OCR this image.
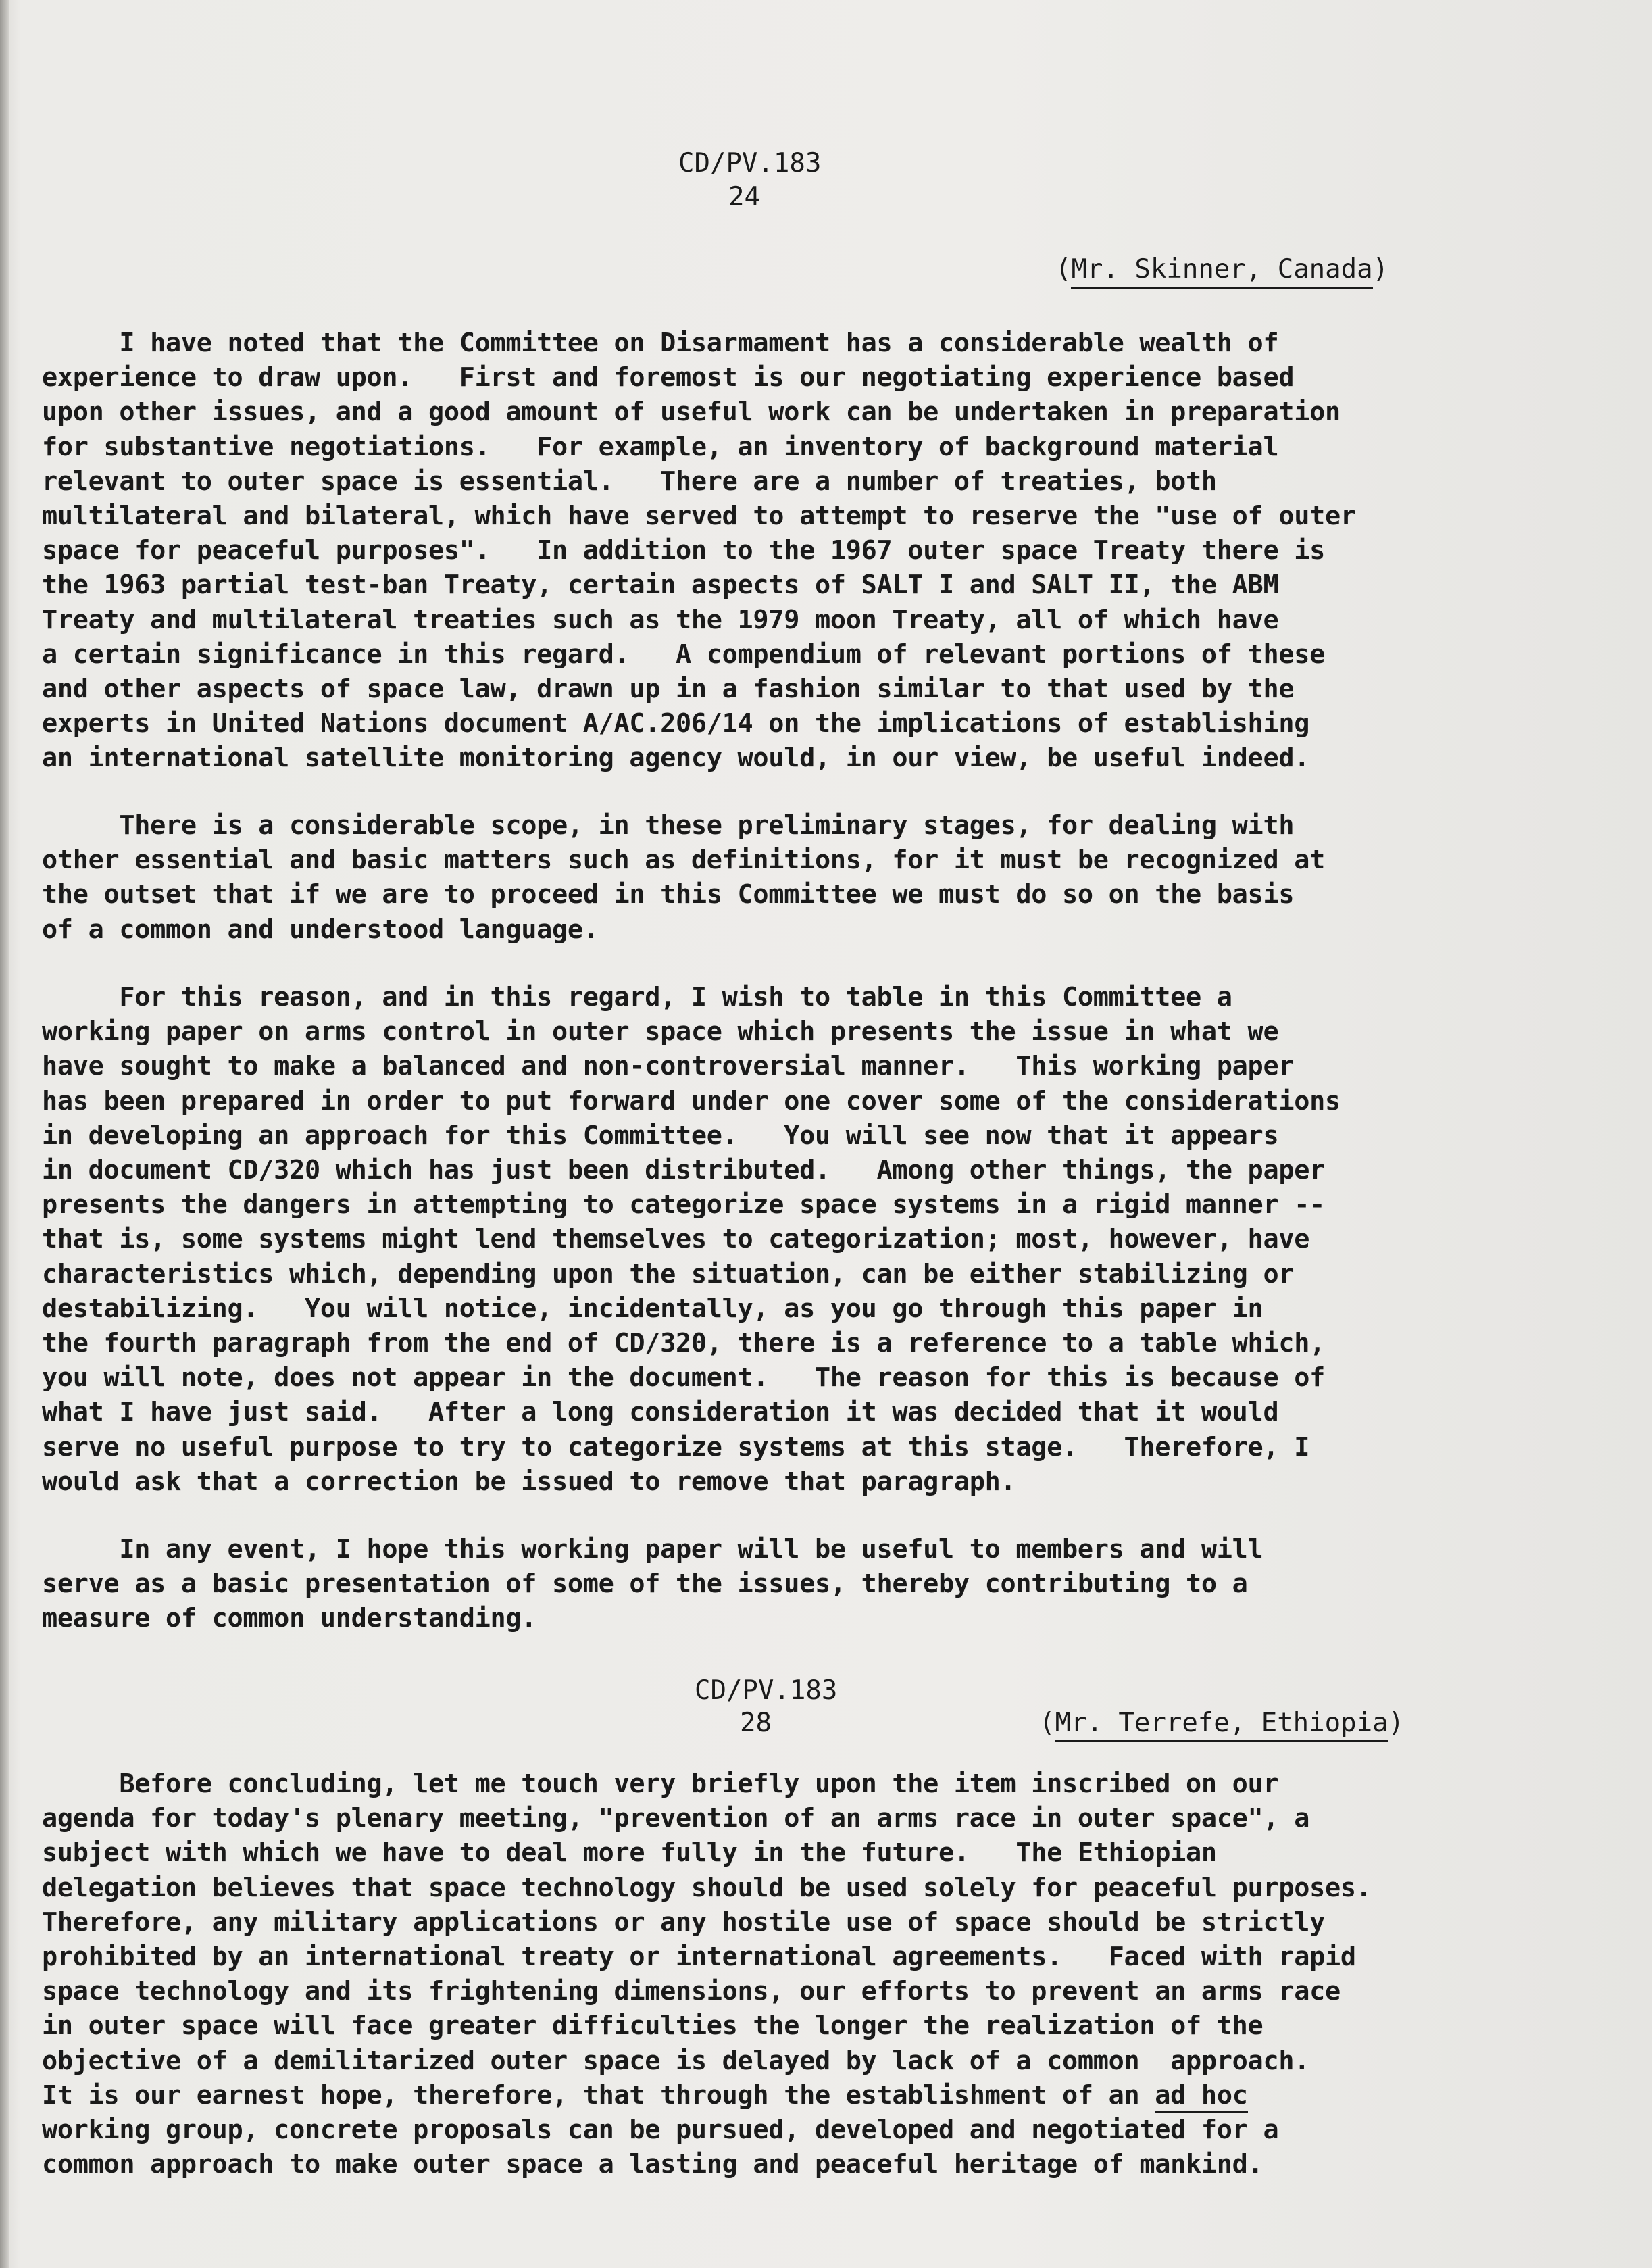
CD/PV.183
24
(Mr. Skinner, Canada)
I have noted that the Committee on Disarmament has a considerable wealth of
experience to draw upon.   First and foremost is our negotiating experience based
upon other issues, and a good amount of useful work can be undertaken in preparation
for substantive negotiations.   For example, an inventory of background material
relevant to outer space is essential.   There are a number of treaties, both
multilateral and bilateral, which have served to attempt to reserve the "use of outer
space for peaceful purposes".   In addition to the 1967 outer space Treaty there is
the 1963 partial test-ban Treaty, certain aspects of SALT I and SALT II, the ABM
Treaty and multilateral treaties such as the 1979 moon Treaty, all of which have
a certain significance in this regard.   A compendium of relevant portions of these
and other aspects of space law, drawn up in a fashion similar to that used by the
experts in United Nations document A/AC.206/14 on the implications of establishing
an international satellite monitoring agency would, in our view, be useful indeed.
There is a considerable scope, in these preliminary stages, for dealing with
other essential and basic matters such as definitions, for it must be recognized at
the outset that if we are to proceed in this Committee we must do so on the basis
of a common and understood language.
For this reason, and in this regard, I wish to table in this Committee a
working paper on arms control in outer space which presents the issue in what we
have sought to make a balanced and non-controversial manner.   This working paper
has been prepared in order to put forward under one cover some of the considerations
in developing an approach for this Committee.   You will see now that it appears
in document CD/320 which has just been distributed.   Among other things, the paper
presents the dangers in attempting to categorize space systems in a rigid manner --
that is, some systems might lend themselves to categorization; most, however, have
characteristics which, depending upon the situation, can be either stabilizing or
destabilizing.   You will notice, incidentally, as you go through this paper in
the fourth paragraph from the end of CD/320, there is a reference to a table which,
you will note, does not appear in the document.   The reason for this is because of
what I have just said.   After a long consideration it was decided that it would
serve no useful purpose to try to categorize systems at this stage.   Therefore, I
would ask that a correction be issued to remove that paragraph.
In any event, I hope this working paper will be useful to members and will
serve as a basic presentation of some of the issues, thereby contributing to a
measure of common understanding.
CD/PV.183
28	(Mr. Terrefe, Ethiopia)
Before concluding, let me touch very briefly upon the item inscribed on our
agenda for today's plenary meeting, "prevention of an arms race in outer space", a
subject with which we have to deal more fully in the future.   The Ethiopian
delegation believes that space technology should be used solely for peaceful purposes.
Therefore, any military applications or any hostile use of space should be strictly
prohibited by an international treaty or international agreements.   Faced with rapid
space technology and its frightening dimensions, our efforts to prevent an arms race
in outer space will face greater difficulties the longer the realization of the
objective of a demilitarized outer space is delayed by lack of a common  approach.
It is our earnest hope, therefore, that through the establishment of an ad hoc
working group, concrete proposals can be pursued, developed and negotiated for a
common approach to make outer space a lasting and peaceful heritage of mankind.
